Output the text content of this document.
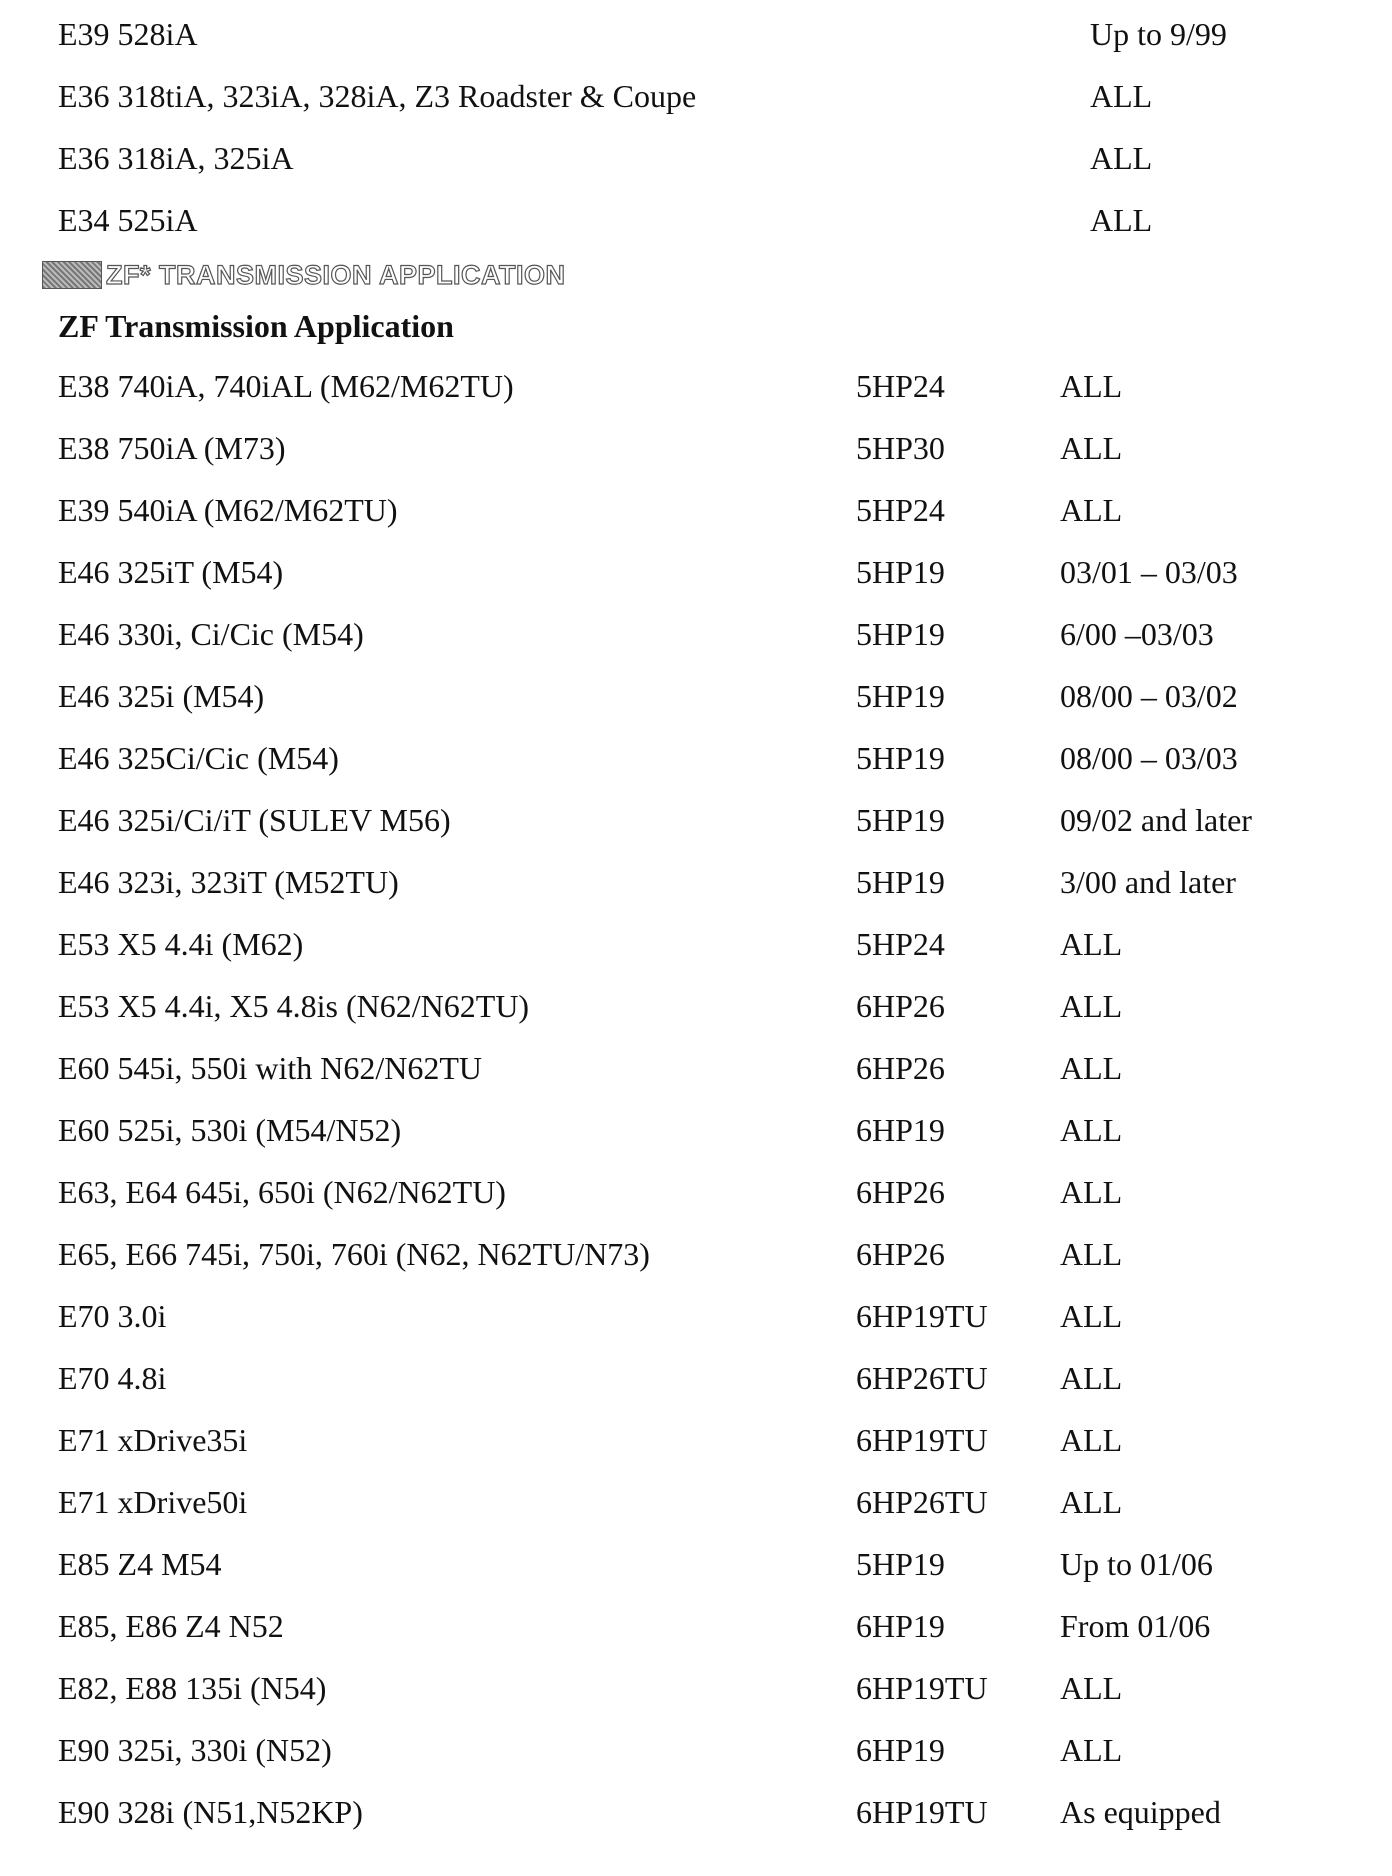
E39 528iA	Up to 9/99
E36 318tiA, 323iA, 328iA, Z3 Roadster & Coupe	ALL
E36 318iA, 325iA	ALL
E34 525iA	ALL
ZF* TRANSMISSION APPLICATION
ZF Transmission Application
E38 740iA, 740iAL (M62/M62TU)	5HP24	ALL
E38 750iA (M73)	5HP30	ALL
E39 540iA (M62/M62TU)	5HP24	ALL
E46 325iT (M54)	5HP19	03/01 – 03/03
E46 330i, Ci/Cic (M54)	5HP19	6/00 –03/03
E46 325i (M54)	5HP19	08/00 – 03/02
E46 325Ci/Cic (M54)	5HP19	08/00 – 03/03
E46 325i/Ci/iT (SULEV M56)	5HP19	09/02 and later
E46 323i, 323iT (M52TU)	5HP19	3/00 and later
E53 X5 4.4i (M62)	5HP24	ALL
E53 X5 4.4i, X5 4.8is (N62/N62TU)	6HP26	ALL
E60 545i, 550i with N62/N62TU	6HP26	ALL
E60 525i, 530i (M54/N52)	6HP19	ALL
E63, E64 645i, 650i (N62/N62TU)	6HP26	ALL
E65, E66 745i, 750i, 760i (N62, N62TU/N73)	6HP26	ALL
E70 3.0i	6HP19TU ALL
E70 4.8i	6HP26TU ALL
E71 xDrive35i	6HP19TU ALL
E71 xDrive50i	6HP26TU ALL
E85 Z4 M54	5HP19	Up to 01/06
E85, E86 Z4 N52	6HP19	From 01/06
E82, E88 135i (N54)	6HP19TU ALL
E90 325i, 330i (N52)	6HP19	ALL
E90 328i (N51,N52KP)	6HP19TU As equipped
